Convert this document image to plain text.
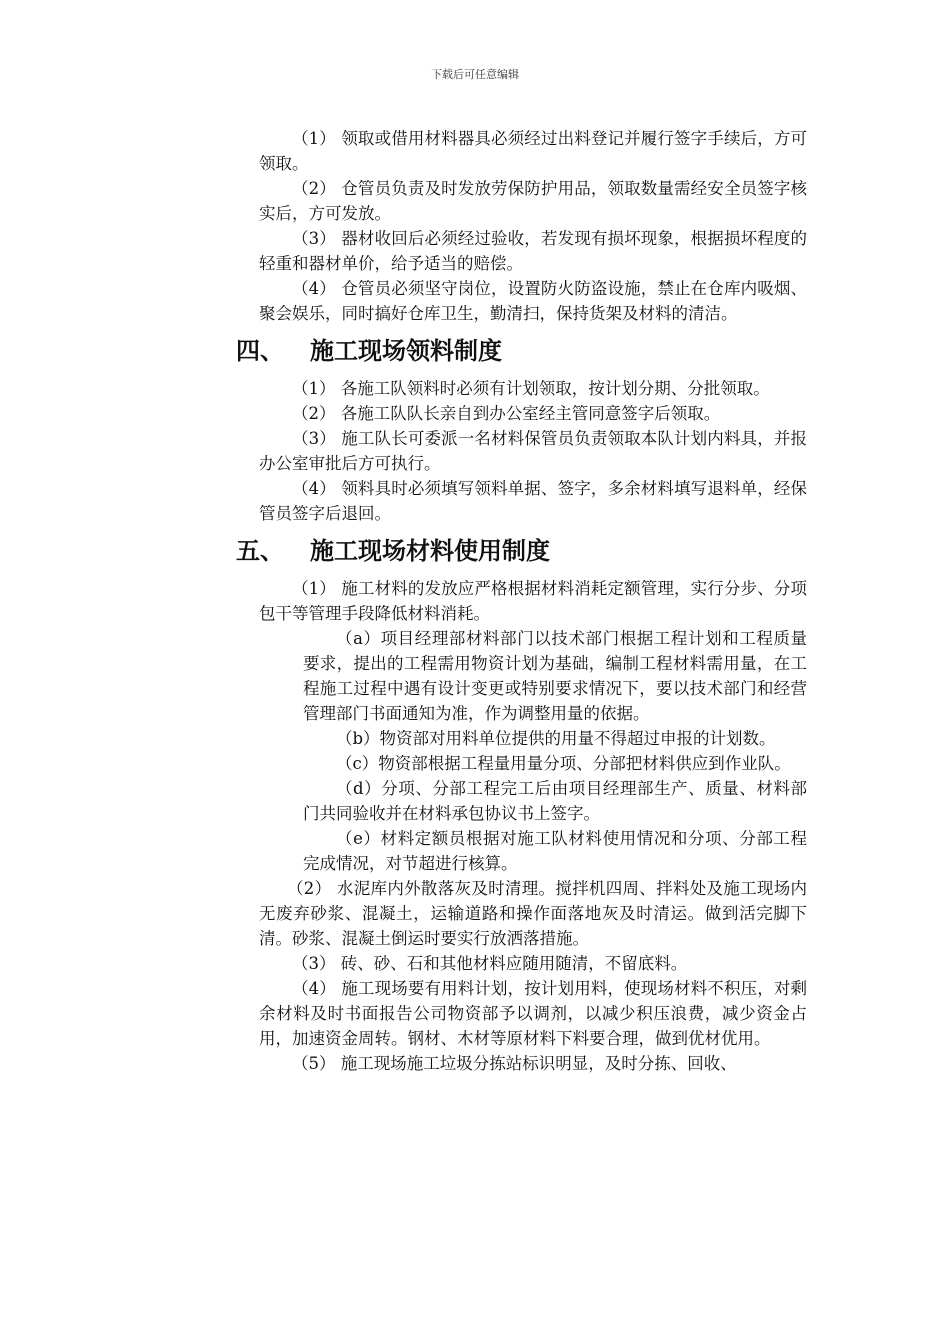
下载后可任意编辑

（1） 领取或借用材料器具必须经过出料登记并履行签字手续后，方可领取。

（2） 仓管员负责及时发放劳保防护用品，领取数量需经安全员签字核实后，方可发放。

（3） 器材收回后必须经过验收，若发现有损坏现象，根据损坏程度的轻重和器材单价，给予适当的赔偿。

（4） 仓管员必须坚守岗位，设置防火防盗设施，禁止在仓库内吸烟、聚会娱乐，同时搞好仓库卫生，勤清扫，保持货架及材料的清洁。

四、 施工现场领料制度

（1） 各施工队领料时必须有计划领取，按计划分期、分批领取。

（2） 各施工队队长亲自到办公室经主管同意签字后领取。

（3） 施工队长可委派一名材料保管员负责领取本队计划内料具，并报办公室审批后方可执行。

（4） 领料具时必须填写领料单据、签字，多余材料填写退料单，经保管员签字后退回。

五、 施工现场材料使用制度

（1） 施工材料的发放应严格根据材料消耗定额管理，实行分步、分项包干等管理手段降低材料消耗。

（a）项目经理部材料部门以技术部门根据工程计划和工程质量要求，提出的工程需用物资计划为基础，编制工程材料需用量，在工程施工过程中遇有设计变更或特别要求情况下，要以技术部门和经营管理部门书面通知为准，作为调整用量的依据。

（b）物资部对用料单位提供的用量不得超过申报的计划数。

（c）物资部根据工程量用量分项、分部把材料供应到作业队。

（d）分项、分部工程完工后由项目经理部生产、质量、材料部门共同验收并在材料承包协议书上签字。

（e）材料定额员根据对施工队材料使用情况和分项、分部工程完成情况，对节超进行核算。

（2） 水泥库内外散落灰及时清理。搅拌机四周、拌料处及施工现场内无废弃砂浆、混凝土，运输道路和操作面落地灰及时清运。做到活完脚下清。砂浆、混凝土倒运时要实行放洒落措施。

（3） 砖、砂、石和其他材料应随用随清，不留底料。

（4） 施工现场要有用料计划，按计划用料，使现场材料不积压，对剩余材料及时书面报告公司物资部予以调剂，以减少积压浪费，减少资金占用，加速资金周转。钢材、木材等原材料下料要合理，做到优材优用。

（5） 施工现场施工垃圾分拣站标识明显，及时分拣、回收、
